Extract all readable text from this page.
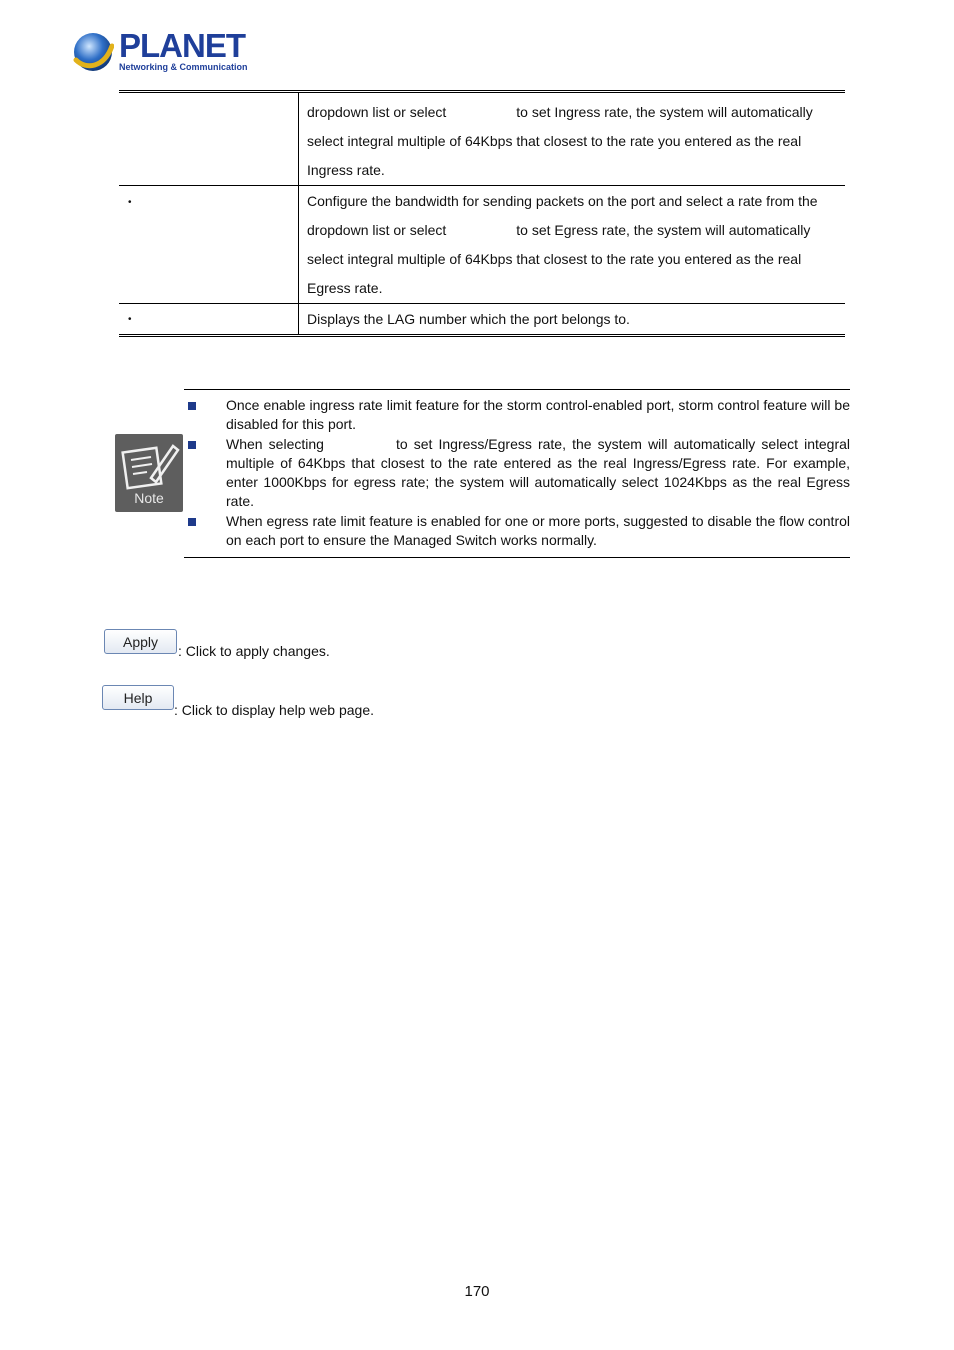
PLANET
Networking & Communication

	dropdown list or select to set Ingress rate, the system will automatically
select integral multiple of 64Kbps that closest to the rate you entered as the real
Ingress rate.

•	Configure the bandwidth for sending packets on the port and select a rate from the
dropdown list or select to set Egress rate, the system will automatically
select integral multiple of 64Kbps that closest to the rate you entered as the real
Egress rate.

•	Displays the LAG number which the port belongs to.
Note
Once enable ingress rate limit feature for the storm control-enabled port, storm control feature will be disabled for this port.
When selecting	to set Ingress/Egress rate, the system will automatically select integral multiple of 64Kbps that closest to the rate entered as the real Ingress/Egress rate. For example, enter 1000Kbps for egress rate; the system will automatically select 1024Kbps as the real Egress rate.
When egress rate limit feature is enabled for one or more ports, suggested to disable the flow control on each port to ensure the Managed Switch works normally.
Apply
: Click to apply changes.
Help
: Click to display help web page.
170
